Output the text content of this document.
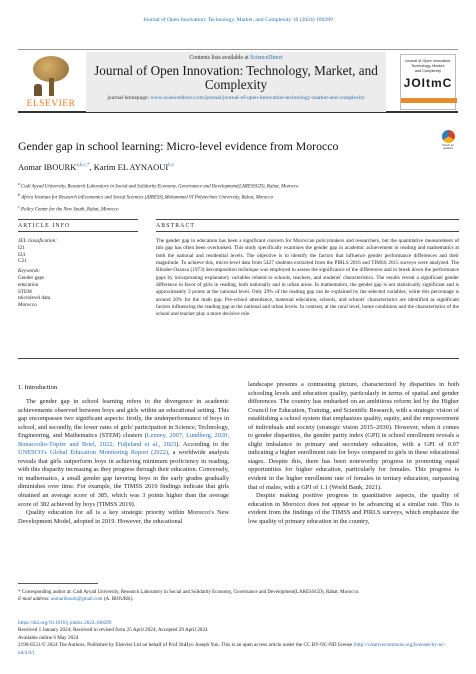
Journal of Open Innovation: Technology, Market, and Complexity 10 (2024) 100289
ELSEVIER
Contents lists available at ScienceDirect
Journal of Open Innovation: Technology, Market, and Complexity
journal homepage: www.sciencedirect.com/journal/journal-of-open-innovation-technology-market-and-complexity
Journal of Open Innovation:
Technology, Market,
and Complexity
JOItmC
Gender gap in school learning: Micro-level evidence from Morocco	Check for updates
Aomar $IBOURK^{a,b,c,*}$, Karim EL AYNAOUI$^{b,c}$
$^a$ Cadi Ayyad University, Research Laboratory in Social and Solidarity Economy, Governance and Development(LARESSGD), Rabat, Morocco
$^b$ Africa Institute for Research inEconomics and Social Sciences (AIRESS),Mohammed VI Polytechnic University, Rabat, Morocco
$^c$ Policy Center for the New South, Rabat, Morocco
ARTICLE INFO	ABSTRACT
JEL classification:
I21
I24
C21
Keywords:
Gender gaps
education
STEM
microlevel data
Morocco
The gender gap in education has been a significant concern for Moroccan policymakers and researchers, but the quantitative measurement of this gap has often been overlooked. This study specifically examines the gender gap in academic achievement in reading and mathematics at both the national and residential levels. The objective is to identify the factors that influence gender performance differences and their magnitude. To achieve this, micro-level data from 5427 students extracted from the PIRLS 2016 and TIMSS 2015 surveys were analyzed. The Blinder-Oaxaca (1973) decomposition technique was employed to assess the significance of the differences and to break down the performance gaps by incorporating explanatory variables related to schools, teachers, and students' characteristics. The results reveal a significant gender difference in favor of girls in reading, both nationally and in urban areas. In mathematics, the gender gap is not statistically significant and is approximately 3 points at the national level. Only 29% of the reading gap can be explained by the selected variables, while this percentage is around 20% for the math gap. Pre-school attendance, maternal education, schools, and schools' characteristics are identified as significant factors influencing the reading gap at the national and urban levels. In contrast, at the rural level, home conditions and the characteristics of the school and teacher play a more decisive role.
1. Introduction

The gender gap in school learning refers to the divergence in academic achievements observed between boys and girls within an educational setting. This gap encompasses two significant aspects: firstly, the underperformance of boys in school, and secondly, the lower rates of girls' participation in Science, Technology, Engineering, and Mathematics (STEM) clusters (Lenney, 2007; Lundberg, 2020; Bonaccolto-Töpfer and Briel, 2022; Fidjeland et al., 2023). According to the UNESCO's Global Education Monitoring Report (2022), a worldwide analysis reveals that girls outperform boys in achieving minimum proficiency in reading, with this disparity increasing as they progress through their education. Conversely, in mathematics, a small gender gap favoring boys in the early grades gradually diminishes over time. For example, the TIMSS 2019 findings indicate that girls obtained an average score of 385, which was 3 points higher than the average score of 382 achieved by boys (TIMSS 2019).

Quality education for all is a key strategic priority within Morocco's New Development Model, adopted in 2019. However, the educational

landscape presents a contrasting picture, characterized by disparities in both schooling levels and education quality, particularly in terms of spatial and gender differences. The country has embarked on an ambitious reform led by the Higher Council for Education, Training, and Scientific Research, with a strategic vision of establishing a school system that emphasizes quality, equity, and the empowerment of individuals and society (strategic vision 2015–2030). However, when it comes to gender disparities, the gender parity index (GPI) in school enrollment reveals a slight imbalance in primary and secondary education, with a GPI of 0.97 indicating a higher enrollment rate for boys compared to girls in these educational stages. Despite this, there has been noteworthy progress in promoting equal opportunities for higher education, particularly for females. This progress is evident in the higher enrollment rate of females in tertiary education, surpassing that of males, with a GPI of 1.1 (World Bank, 2021).

Despite making positive progress in quantitative aspects, the quality of education in Morocco does not appear to be advancing at a similar rate. This is evident from the findings of the TIMSS and PIRLS surveys, which emphasize the low quality of primary education in the country,

* Corresponding author at: Cadi Ayyad University, Research Laboratory in Social and Solidarity Economy, Governance and Development(LARESSGD), Rabat, Morocco.
E-mail address: aomaribourk@gmail.com (A. IBOURK).
https://doi.org/10.1016/j.joitmc.2024.100289
Received 1 January 2024; Received in revised form 25 April 2024; Accepted 29 April 2024
Available online 6 May 2024
2199-8531/© 2024 The Authors. Published by Elsevier Ltd on behalf of Prof JinHyo Joseph Yun. This is an open access article under the CC BY-NC-ND license (http://creativecommons.org/licenses/by-nc-nd/4.0/).
